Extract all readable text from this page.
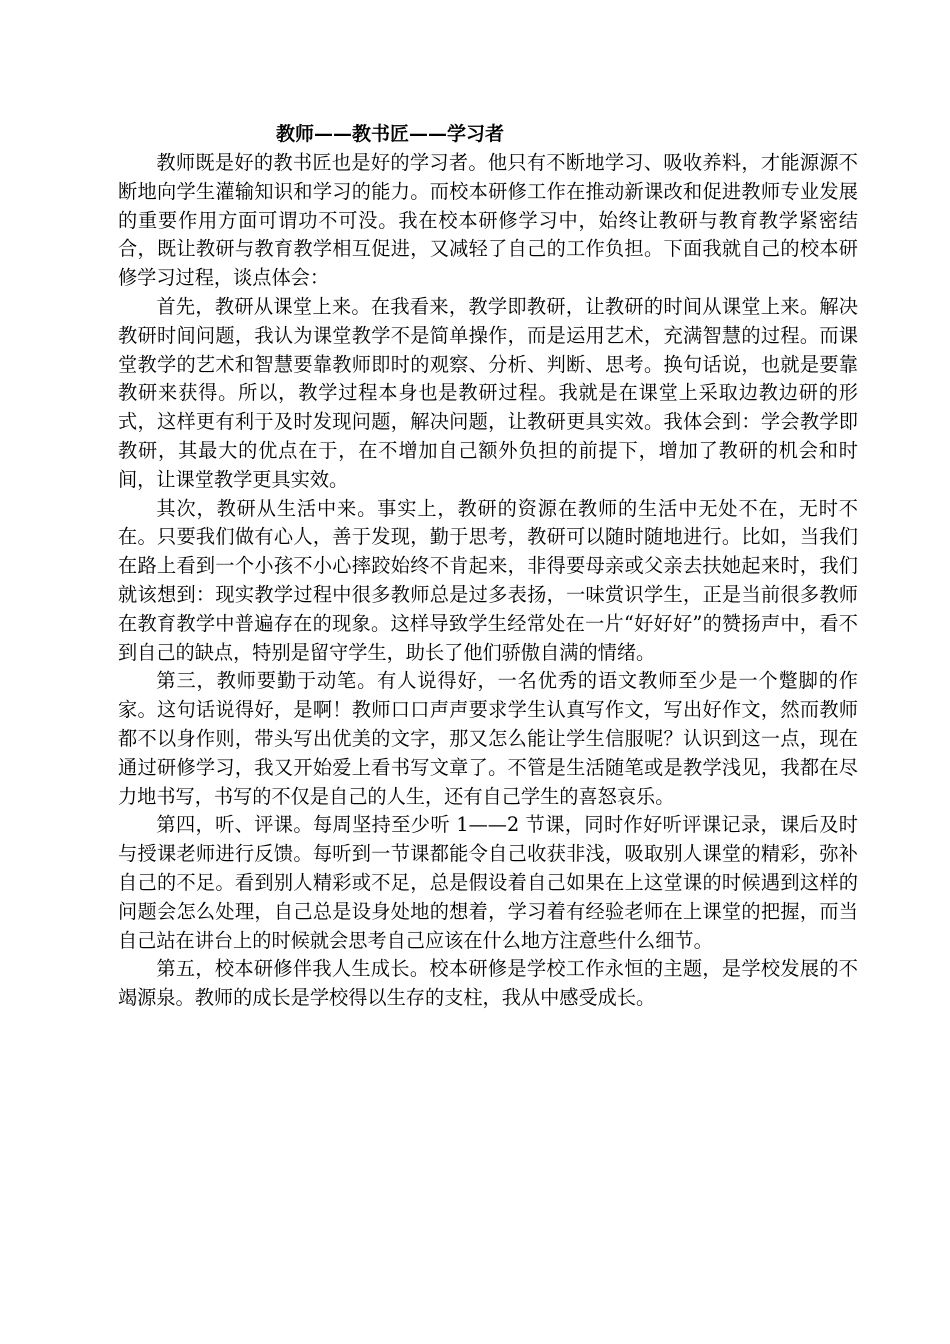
教师——教书匠——学习者

教师既是好的教书匠也是好的学习者。他只有不断地学习、吸收养料，才能源源不断地向学生灌输知识和学习的能力。而校本研修工作在推动新课改和促进教师专业发展的重要作用方面可谓功不可没。我在校本研修学习中，始终让教研与教育教学紧密结合，既让教研与教育教学相互促进，又减轻了自己的工作负担。下面我就自己的校本研修学习过程，谈点体会：

首先，教研从课堂上来。在我看来，教学即教研，让教研的时间从课堂上来。解决教研时间问题，我认为课堂教学不是简单操作，而是运用艺术，充满智慧的过程。而课堂教学的艺术和智慧要靠教师即时的观察、分析、判断、思考。换句话说，也就是要靠教研来获得。所以，教学过程本身也是教研过程。我就是在课堂上采取边教边研的形式，这样更有利于及时发现问题，解决问题，让教研更具实效。我体会到：学会教学即教研，其最大的优点在于，在不增加自己额外负担的前提下，增加了教研的机会和时间，让课堂教学更具实效。

其次，教研从生活中来。事实上，教研的资源在教师的生活中无处不在，无时不在。只要我们做有心人，善于发现，勤于思考，教研可以随时随地进行。比如，当我们在路上看到一个小孩不小心摔跤始终不肯起来，非得要母亲或父亲去扶她起来时，我们就该想到：现实教学过程中很多教师总是过多表扬，一味赏识学生，正是当前很多教师在教育教学中普遍存在的现象。这样导致学生经常处在一片“好好好”的赞扬声中，看不到自己的缺点，特别是留守学生，助长了他们骄傲自满的情绪。

第三，教师要勤于动笔。有人说得好，一名优秀的语文教师至少是一个蹩脚的作家。这句话说得好，是啊！教师口口声声要求学生认真写作文，写出好作文，然而教师都不以身作则，带头写出优美的文字，那又怎么能让学生信服呢？认识到这一点，现在通过研修学习，我又开始爱上看书写文章了。不管是生活随笔或是教学浅见，我都在尽力地书写，书写的不仅是自己的人生，还有自己学生的喜怒哀乐。

第四，听、评课。每周坚持至少听 1——2 节课，同时作好听评课记录，课后及时与授课老师进行反馈。每听到一节课都能令自己收获非浅，吸取别人课堂的精彩，弥补自己的不足。看到别人精彩或不足，总是假设着自己如果在上这堂课的时候遇到这样的问题会怎么处理，自己总是设身处地的想着，学习着有经验老师在上课堂的把握，而当自己站在讲台上的时候就会思考自己应该在什么地方注意些什么细节。

第五，校本研修伴我人生成长。校本研修是学校工作永恒的主题，是学校发展的不竭源泉。教师的成长是学校得以生存的支柱，我从中感受成长。
